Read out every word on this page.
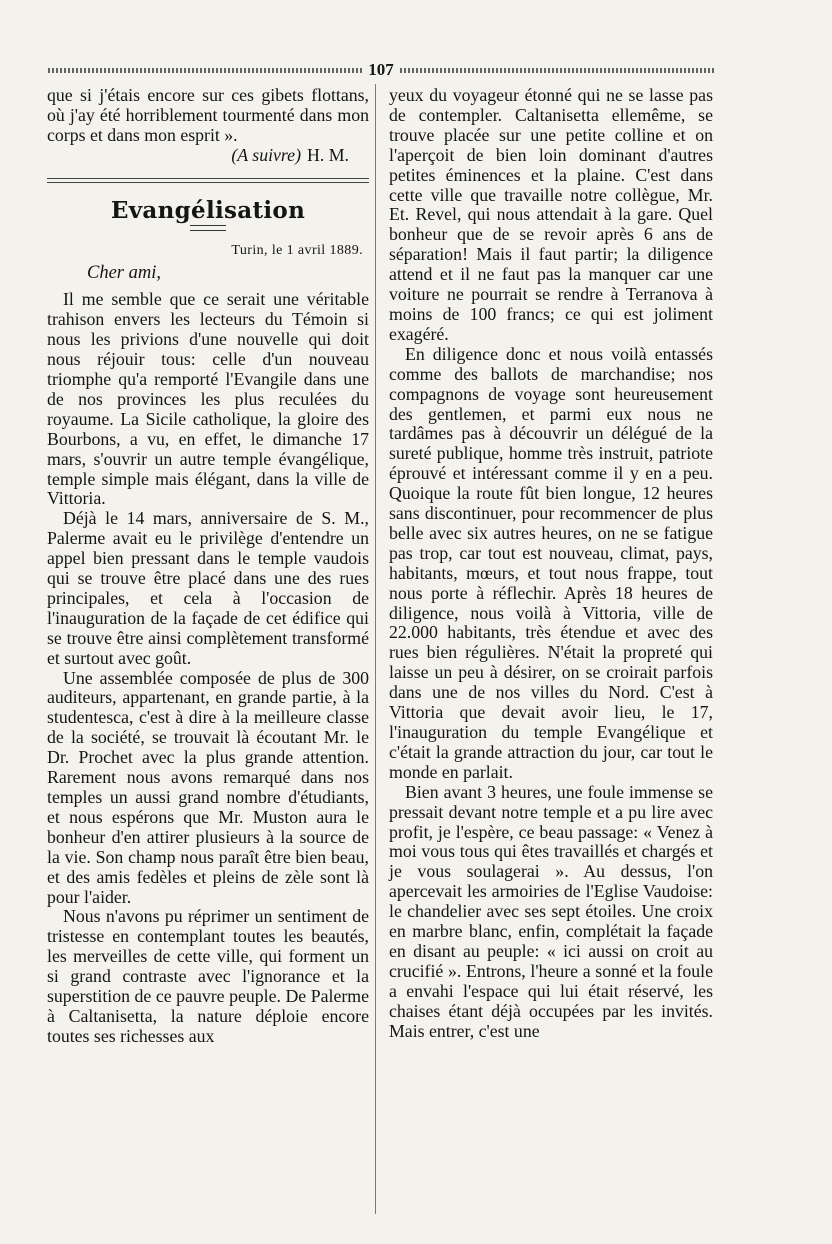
107

que si j'étais encore sur ces gibets flottans, où j'ay été horriblement tourmenté dans mon corps et dans mon esprit ».

(A suivre) H. M.

Evangélisation
Turin, le 1 avril 1889.
Cher ami,

Il me semble que ce serait une véritable trahison envers les lecteurs du Témoin si nous les privions d'une nouvelle qui doit nous réjouir tous: celle d'un nouveau triomphe qu'a remporté l'Evangile dans une de nos provinces les plus reculées du royaume. La Sicile catholique, la gloire des Bourbons, a vu, en effet, le dimanche 17 mars, s'ouvrir un autre temple évangélique, temple simple mais élégant, dans la ville de Vittoria.

Déjà le 14 mars, anniversaire de S. M., Palerme avait eu le privilège d'entendre un appel bien pressant dans le temple vaudois qui se trouve être placé dans une des rues principales, et cela à l'occasion de l'inauguration de la façade de cet édifice qui se trouve être ainsi complètement transformé et surtout avec goût.

Une assemblée composée de plus de 300 auditeurs, appartenant, en grande partie, à la studentesca, c'est à dire à la meilleure classe de la société, se trouvait là écoutant Mr. le Dr. Prochet avec la plus grande attention. Rarement nous avons remarqué dans nos temples un aussi grand nombre d'étudiants, et nous espérons que Mr. Muston aura le bonheur d'en attirer plusieurs à la source de la vie. Son champ nous paraît être bien beau, et des amis fedèles et pleins de zèle sont là pour l'aider.

Nous n'avons pu réprimer un sentiment de tristesse en contemplant toutes les beautés, les merveilles de cette ville, qui forment un si grand contraste avec l'ignorance et la superstition de ce pauvre peuple. De Palerme à Caltanisetta, la nature déploie encore toutes ses richesses aux

yeux du voyageur étonné qui ne se lasse pas de contempler. Caltanisetta ellemême, se trouve placée sur une petite colline et on l'aperçoit de bien loin dominant d'autres petites éminences et la plaine. C'est dans cette ville que travaille notre collègue, Mr. Et. Revel, qui nous attendait à la gare. Quel bonheur que de se revoir après 6 ans de séparation! Mais il faut partir; la diligence attend et il ne faut pas la manquer car une voiture ne pourrait se rendre à Terranova à moins de 100 francs; ce qui est joliment exagéré.

En diligence donc et nous voilà entassés comme des ballots de marchandise; nos compagnons de voyage sont heureusement des gentlemen, et parmi eux nous ne tardâmes pas à découvrir un délégué de la sureté publique, homme très instruit, patriote éprouvé et intéressant comme il y en a peu. Quoique la route fût bien longue, 12 heures sans discontinuer, pour recommencer de plus belle avec six autres heures, on ne se fatigue pas trop, car tout est nouveau, climat, pays, habitants, mœurs, et tout nous frappe, tout nous porte à réflechir. Après 18 heures de diligence, nous voilà à Vittoria, ville de 22.000 habitants, très étendue et avec des rues bien régulières. N'était la propreté qui laisse un peu à désirer, on se croirait parfois dans une de nos villes du Nord. C'est à Vittoria que devait avoir lieu, le 17, l'inauguration du temple Evangélique et c'était la grande attraction du jour, car tout le monde en parlait.

Bien avant 3 heures, une foule immense se pressait devant notre temple et a pu lire avec profit, je l'espère, ce beau passage: « Venez à moi vous tous qui êtes travaillés et chargés et je vous soulagerai ». Au dessus, l'on apercevait les armoiries de l'Eglise Vaudoise: le chandelier avec ses sept étoiles. Une croix en marbre blanc, enfin, complétait la façade en disant au peuple: « ici aussi on croit au crucifié ». Entrons, l'heure a sonné et la foule a envahi l'espace qui lui était réservé, les chaises étant déjà occupées par les invités. Mais entrer, c'est une
